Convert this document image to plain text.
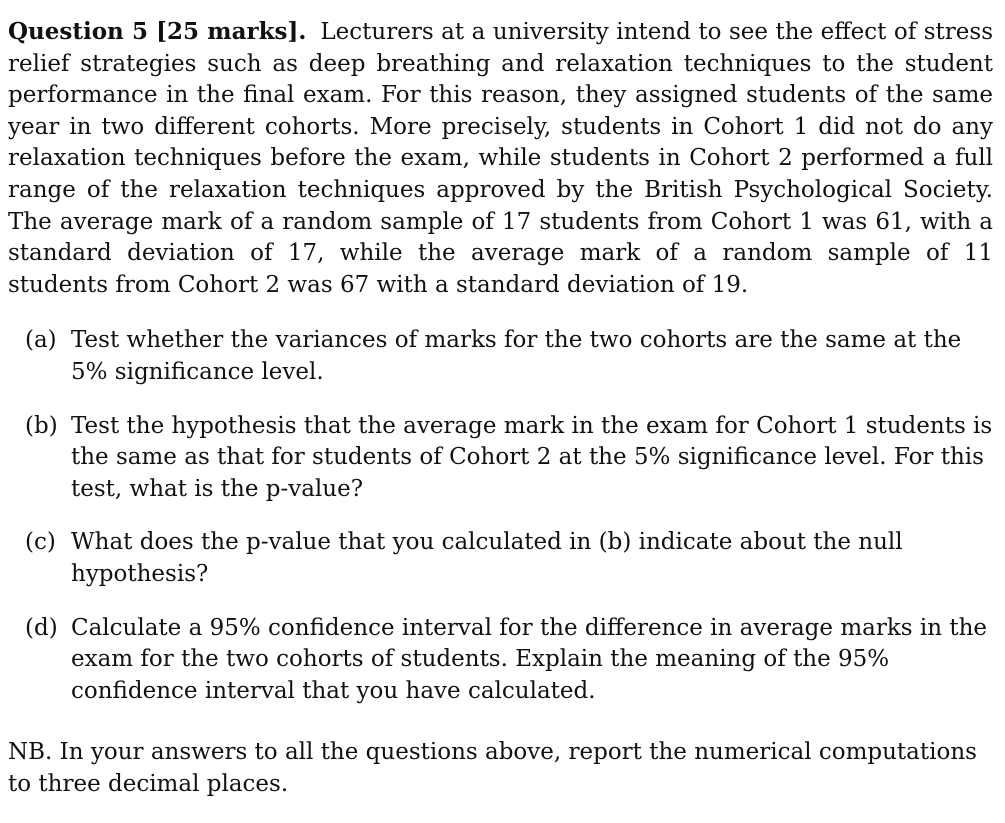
Question 5 [25 marks]. Lecturers at a university intend to see the effect of stress relief strategies such as deep breathing and relaxation techniques to the student performance in the final exam. For this reason, they assigned students of the same year in two different cohorts. More precisely, students in Cohort 1 did not do any relaxation techniques before the exam, while students in Cohort 2 performed a full range of the relaxation techniques approved by the British Psychological Society. The average mark of a random sample of 17 students from Cohort 1 was 61, with a standard deviation of 17, while the average mark of a random sample of 11 students from Cohort 2 was 67 with a standard deviation of 19.

(a) Test whether the variances of marks for the two cohorts are the same at the 5% significance level.
(b) Test the hypothesis that the average mark in the exam for Cohort 1 students is the same as that for students of Cohort 2 at the 5% significance level. For this test, what is the p-value?
(c) What does the p-value that you calculated in (b) indicate about the null hypothesis?
(d) Calculate a 95% confidence interval for the difference in average marks in the exam for the two cohorts of students. Explain the meaning of the 95% confidence interval that you have calculated.

NB. In your answers to all the questions above, report the numerical computations to three decimal places.
